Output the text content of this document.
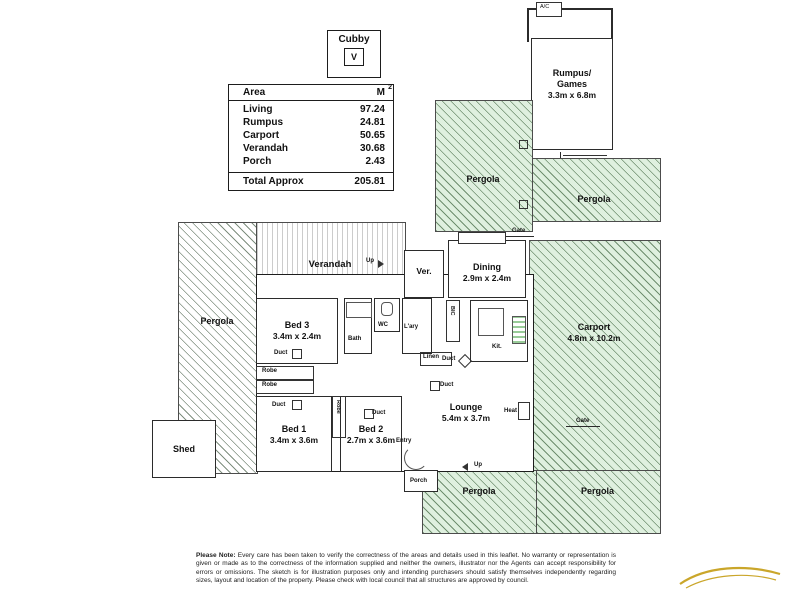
Cubby
V
Area	M 2
Living	97.24
Rumpus	24.81
Carport	50.65
Verandah	30.68
Porch	2.43
Total Approx	205.81
A/C
Rumpus/
Games
3.3m x 6.8m
Pergola
Pergola
Gate
Carport
4.8m x 10.2m
Gate
Pergola	Pergola
Pergola
Verandah	Up
Bed 3
3.4m x 2.4m
Duct
Robe
Robe
Bed 1
3.4m x 3.6m
Duct
Bed 2
2.7m x 3.6m
Robe	Duct
Bath
WC	L'ary
Ver.
BIC
Linen
Dining
2.9m x 2.4m
Kit.
Duct
Lounge
5.4m x 3.7m
Duct
Heat
Entry
Porch
Up
Shed
Please Note: Every care has been taken to verify the correctness of the areas and details used in this leaflet. No warranty or representation is given or made as to the correctness of the information supplied and neither the owners, illustrator nor the Agents can accept responsibility for errors or omissions. The sketch is for illustration purposes only and intending purchasers should satisfy themselves independently regarding sizes, layout and location of the property. Please check with local council that all structures are approved by council.
